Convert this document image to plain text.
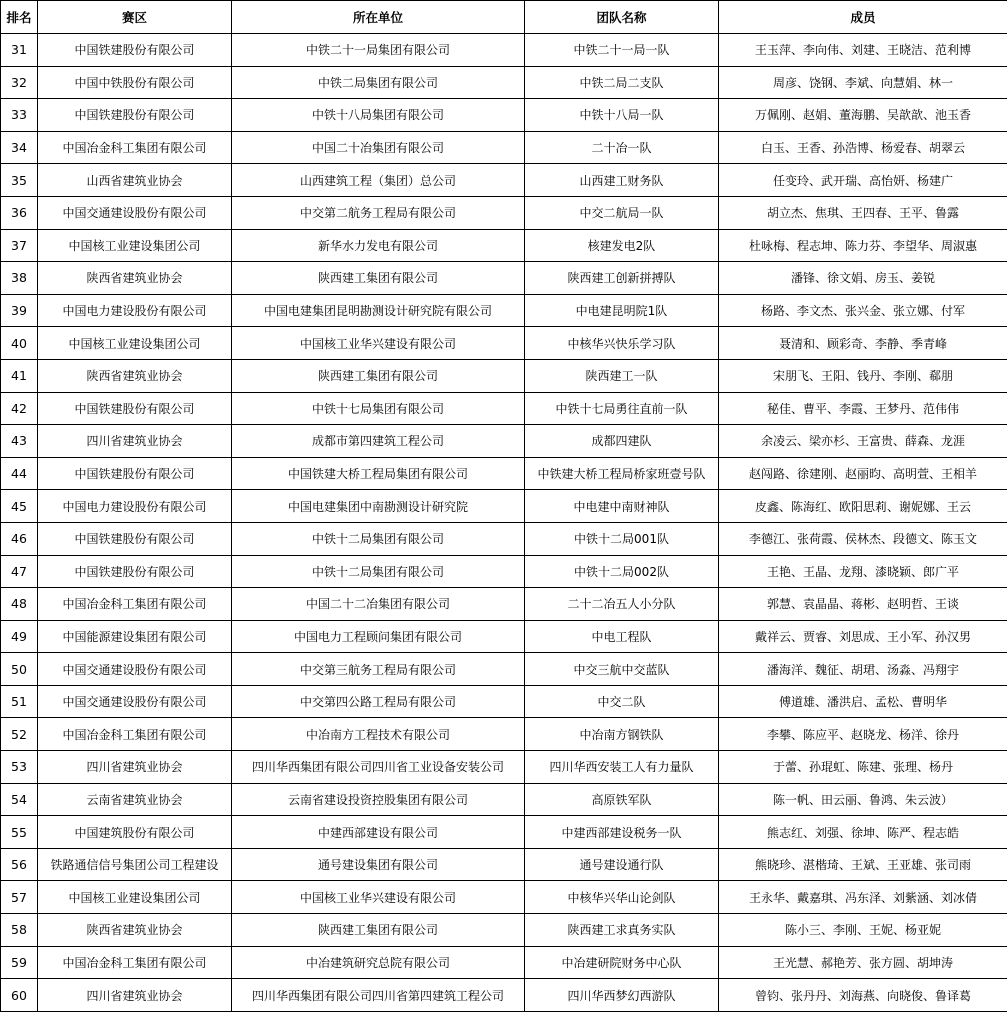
排名	赛区	所在单位	团队名称	成员
31	中国铁建股份有限公司	中铁二十一局集团有限公司	中铁二十一局一队	王玉萍、李向伟、刘建、王晓洁、范利博
32	中国中铁股份有限公司	中铁二局集团有限公司	中铁二局二支队	周彦、饶钢、李斌、向慧娟、林一
33	中国铁建股份有限公司	中铁十八局集团有限公司	中铁十八局一队	万佩刚、赵娟、董海鹏、吴歆歆、池玉香
34	中国冶金科工集团有限公司	中国二十冶集团有限公司	二十冶一队	白玉、王香、孙浩博、杨爱春、胡翠云
35	山西省建筑业协会	山西建筑工程（集团）总公司	山西建工财务队	任变玲、武开瑞、高怡妍、杨建广
36	中国交通建设股份有限公司	中交第二航务工程局有限公司	中交二航局一队	胡立杰、焦琪、王四春、王平、鲁露
37	中国核工业建设集团公司	新华水力发电有限公司	核建发电2队	杜咏梅、程志坤、陈力芬、李望华、周淑惠
38	陕西省建筑业协会	陕西建工集团有限公司	陕西建工创新拼搏队	潘锋、徐文娟、房玉、姜锐
39	中国电力建设股份有限公司	中国电建集团昆明勘测设计研究院有限公司	中电建昆明院1队	杨路、李文杰、张兴金、张立娜、付军
40	中国核工业建设集团公司	中国核工业华兴建设有限公司	中核华兴快乐学习队	聂清和、顾彩奇、李静、季青峰
41	陕西省建筑业协会	陕西建工集团有限公司	陕西建工一队	宋朋飞、王阳、钱丹、李刚、郗朋
42	中国铁建股份有限公司	中铁十七局集团有限公司	中铁十七局勇往直前一队	秘佳、曹平、李霞、王梦丹、范伟伟
43	四川省建筑业协会	成都市第四建筑工程公司	成都四建队	余凌云、梁亦杉、王富贵、薛森、龙涯
44	中国铁建股份有限公司	中国铁建大桥工程局集团有限公司	中铁建大桥工程局桥家班壹号队	赵闯路、徐建刚、赵丽昀、高明萱、王相羊
45	中国电力建设股份有限公司	中国电建集团中南勘测设计研究院	中电建中南财神队	皮鑫、陈海红、欧阳思莉、谢妮娜、王云
46	中国铁建股份有限公司	中铁十二局集团有限公司	中铁十二局001队	李德江、张荷霞、侯林杰、段德文、陈玉文
47	中国铁建股份有限公司	中铁十二局集团有限公司	中铁十二局002队	王艳、王晶、龙翔、漆晓颖、郎广平
48	中国冶金科工集团有限公司	中国二十二冶集团有限公司	二十二冶五人小分队	郭慧、袁晶晶、蒋彬、赵明哲、王谈
49	中国能源建设集团有限公司	中国电力工程顾问集团有限公司	中电工程队	戴祥云、贾睿、刘思成、王小军、孙汉男
50	中国交通建设股份有限公司	中交第三航务工程局有限公司	中交三航中交蓝队	潘海洋、魏征、胡珺、汤淼、冯翔宇
51	中国交通建设股份有限公司	中交第四公路工程局有限公司	中交二队	傅道雄、潘洪启、孟松、曹明华
52	中国冶金科工集团有限公司	中冶南方工程技术有限公司	中冶南方钢铁队	李攀、陈应平、赵晓龙、杨洋、徐丹
53	四川省建筑业协会	四川华西集团有限公司四川省工业设备安装公司	四川华西安装工人有力量队	于蕾、孙琨虹、陈建、张理、杨丹
54	云南省建筑业协会	云南省建设投资控股集团有限公司	高原铁军队	陈一帆、田云丽、鲁鸿、朱云波）
55	中国建筑股份有限公司	中建西部建设有限公司	中建西部建设税务一队	熊志红、刘强、徐坤、陈严、程志皓
56	铁路通信信号集团公司工程建设	通号建设集团有限公司	通号建设通行队	熊晓珍、湛楷琦、王斌、王亚雄、张司雨
57	中国核工业建设集团公司	中国核工业华兴建设有限公司	中核华兴华山论剑队	王永华、戴嘉琪、冯东泽、刘紫涵、刘冰倩
58	陕西省建筑业协会	陕西建工集团有限公司	陕西建工求真务实队	陈小三、李刚、王妮、杨亚妮
59	中国冶金科工集团有限公司	中冶建筑研究总院有限公司	中冶建研院财务中心队	王光慧、郝艳芳、张方圆、胡坤涛
60	四川省建筑业协会	四川华西集团有限公司四川省第四建筑工程公司	四川华西梦幻西游队	曾钧、张丹丹、刘海燕、向晓俊、鲁译葛
